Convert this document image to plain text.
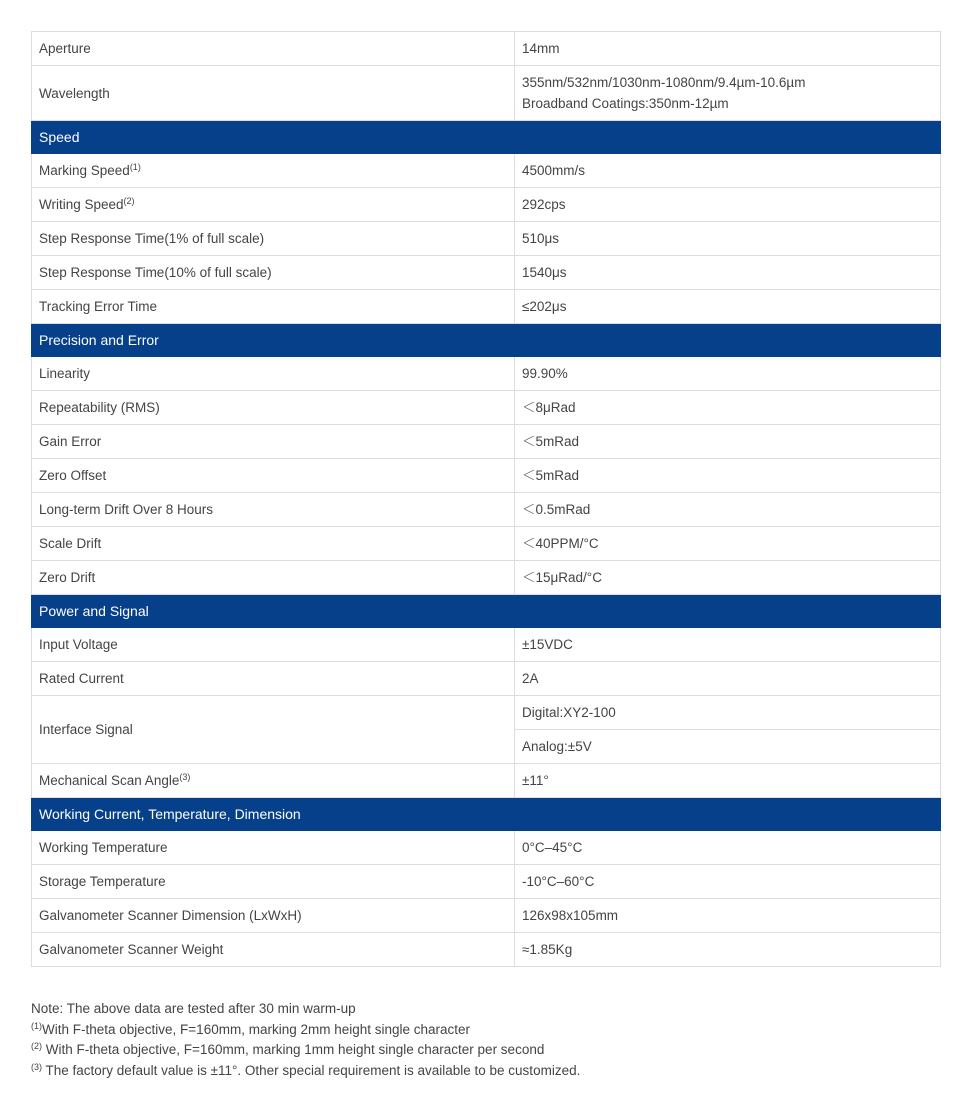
Aperture	14mm
Wavelength	355nm/532nm/1030nm-1080nm/9.4µm-10.6µm
Broadband Coatings:350nm-12µm

Speed	
Marking Speed$^{(1)}$	4500mm/s
Writing Speed$^{(2)}$	292cps
Step Response Time(1% of full scale)	510μs
Step Response Time(10% of full scale)	1540μs
Tracking Error Time	≤202μs
Precision and Error	
Linearity	99.90%
Repeatability (RMS)	＜8μRad
Gain Error	＜5mRad
Zero Offset	＜5mRad
Long-term Drift Over 8 Hours	＜0.5mRad
Scale Drift	＜40PPM/°C
Zero Drift	＜15μRad/°C
Power and Signal	
Input Voltage	±15VDC
Rated Current	2A
Interface Signal	Digital:XY2-100
	Analog:±5V
Mechanical Scan Angle$^{(3)}$	±11°
Working Current, Temperature, Dimension	
Working Temperature	0°C–45°C
Storage Temperature	-10°C–60°C
Galvanometer Scanner Dimension (LxWxH)	126x98x105mm
Galvanometer Scanner Weight	≈1.85Kg
Note: The above data are tested after 30 min warm-up
$^{(1)}$With F-theta objective, F=160mm, marking 2mm height single character
$^{(2)}$ With F-theta objective, F=160mm, marking 1mm height single character per second
$^{(3)}$ The factory default value is ±11°. Other special requirement is available to be customized.
